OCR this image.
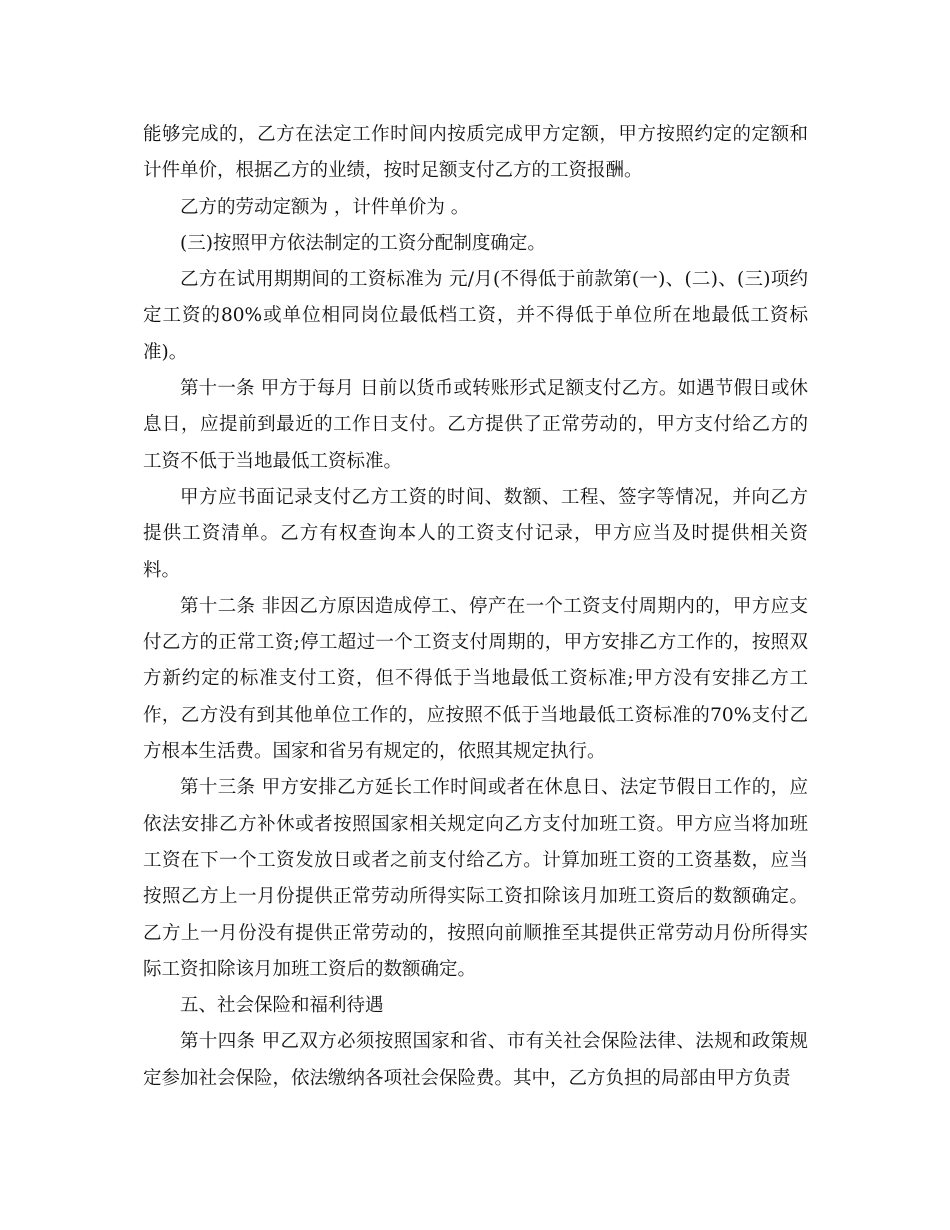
能够完成的，乙方在法定工作时间内按质完成甲方定额，甲方按照约定的定额和计件单价，根据乙方的业绩，按时足额支付乙方的工资报酬。

乙方的劳动定额为 ，计件单价为 。

(三)按照甲方依法制定的工资分配制度确定。

乙方在试用期期间的工资标准为 元/月(不得低于前款第(一)、(二)、(三)项约定工资的80%或单位相同岗位最低档工资，并不得低于单位所在地最低工资标准)。

第十一条 甲方于每月 日前以货币或转账形式足额支付乙方。如遇节假日或休息日，应提前到最近的工作日支付。乙方提供了正常劳动的，甲方支付给乙方的工资不低于当地最低工资标准。

甲方应书面记录支付乙方工资的时间、数额、工程、签字等情况，并向乙方提供工资清单。乙方有权查询本人的工资支付记录，甲方应当及时提供相关资料。

第十二条 非因乙方原因造成停工、停产在一个工资支付周期内的，甲方应支付乙方的正常工资;停工超过一个工资支付周期的，甲方安排乙方工作的，按照双方新约定的标准支付工资，但不得低于当地最低工资标准;甲方没有安排乙方工作，乙方没有到其他单位工作的，应按照不低于当地最低工资标准的70%支付乙方根本生活费。国家和省另有规定的，依照其规定执行。

第十三条 甲方安排乙方延长工作时间或者在休息日、法定节假日工作的，应依法安排乙方补休或者按照国家相关规定向乙方支付加班工资。甲方应当将加班工资在下一个工资发放日或者之前支付给乙方。计算加班工资的工资基数，应当按照乙方上一月份提供正常劳动所得实际工资扣除该月加班工资后的数额确定。乙方上一月份没有提供正常劳动的，按照向前顺推至其提供正常劳动月份所得实际工资扣除该月加班工资后的数额确定。

五、社会保险和福利待遇

第十四条 甲乙双方必须按照国家和省、市有关社会保险法律、法规和政策规定参加社会保险，依法缴纳各项社会保险费。其中，乙方负担的局部由甲方负责
